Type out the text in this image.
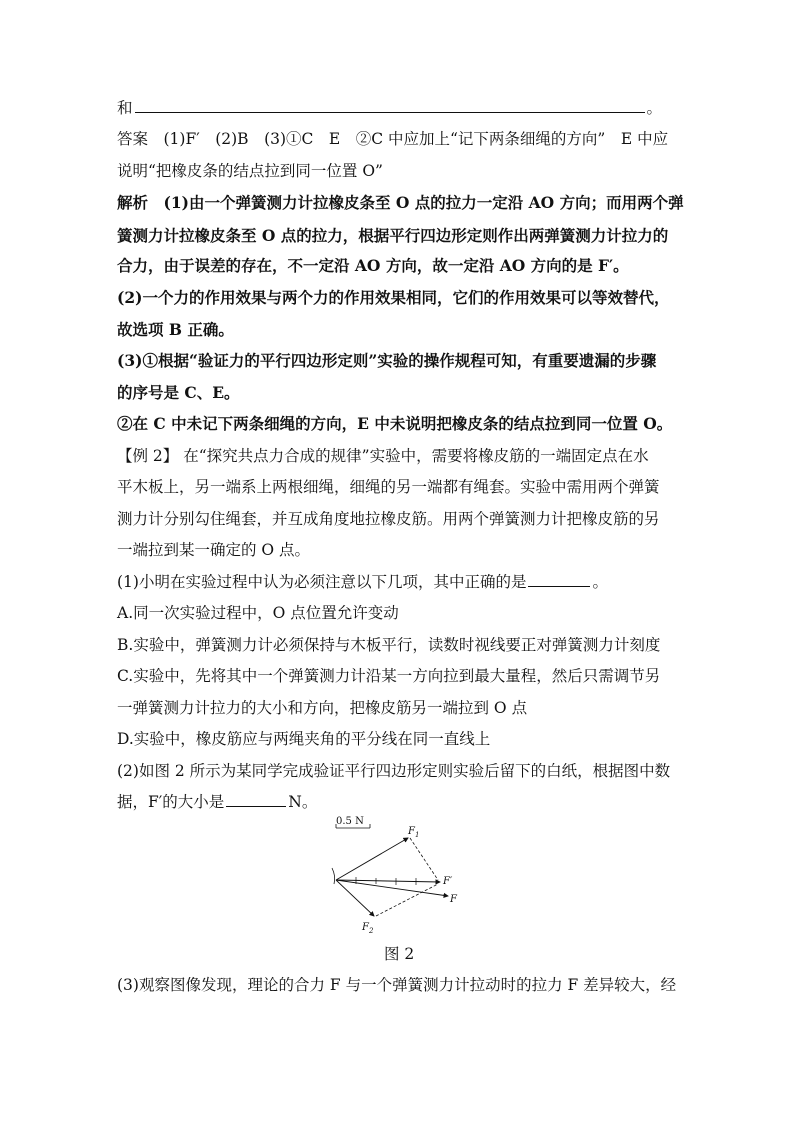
和	。
答案　(1)F′　(2)B　(3)①C　E　②C 中应加上“记下两条细绳的方向”　E 中应
说明“把橡皮条的结点拉到同一位置 O”
解析　(1)由一个弹簧测力计拉橡皮条至 O 点的拉力一定沿 AO 方向；而用两个弹
簧测力计拉橡皮条至 O 点的拉力，根据平行四边形定则作出两弹簧测力计拉力的
合力，由于误差的存在，不一定沿 AO 方向，故一定沿 AO 方向的是 F′。
(2)一个力的作用效果与两个力的作用效果相同，它们的作用效果可以等效替代，
故选项 B 正确。
(3)①根据“验证力的平行四边形定则”实验的操作规程可知，有重要遗漏的步骤
的序号是 C、E。
②在 C 中未记下两条细绳的方向，E 中未说明把橡皮条的结点拉到同一位置 O。
【例 2】 在“探究共点力合成的规律”实验中，需要将橡皮筋的一端固定点在水
平木板上，另一端系上两根细绳，细绳的另一端都有绳套。实验中需用两个弹簧
测力计分别勾住绳套，并互成角度地拉橡皮筋。用两个弹簧测力计把橡皮筋的另
一端拉到某一确定的 O 点。
(1)小明在实验过程中认为必须注意以下几项，其中正确的是	。
A.同一次实验过程中，O 点位置允许变动
B.实验中，弹簧测力计必须保持与木板平行，读数时视线要正对弹簧测力计刻度
C.实验中，先将其中一个弹簧测力计沿某一方向拉到最大量程，然后只需调节另
一弹簧测力计拉力的大小和方向，把橡皮筋另一端拉到 O 点
D.实验中，橡皮筋应与两绳夹角的平分线在同一直线上
(2)如图 2 所示为某同学完成验证平行四边形定则实验后留下的白纸，根据图中数
据，F′的大小是	N。
0.5 N
$F_1$
$F_2$
F′
F
图 2
(3)观察图像发现，理论的合力 F 与一个弹簧测力计拉动时的拉力 F 差异较大，经
